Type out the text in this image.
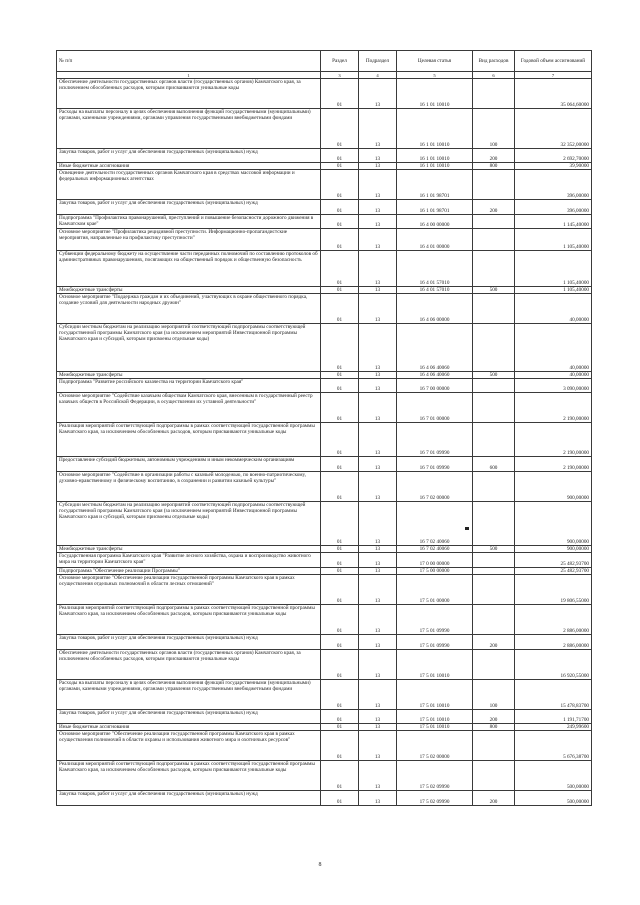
№ п/п	Раздел	Подраздел	Целевая статья	Вид расходов	Годовой объем ассигнований
1	3	4	5	6	7
Обеспечение деятельности государственных органов власти (государственных органов) Камчатского края, за исключением обособленных расходов, которым присваиваются уникальные коды	01	13	16 1 01 10010		35 064,60000
Расходы на выплаты персоналу в целях обеспечения выполнения функций государственными (муниципальными) органами, казенными учреждениями, органами управления государственными внебюджетными фондами	01	13	16 1 01 10010	100	32 352,00000
Закупка товаров, работ и услуг для обеспечения государственных (муниципальных) нужд	01	13	16 1 01 10010	200	2 692,70000
Иные бюджетные ассигнования	01	13	16 1 01 10010	800	39,90000
Освещение деятельности государственных органов Камчатского края в средствах массовой информации и федеральных информационных агентствах	01	13	16 1 01 98701		396,00000
Закупка товаров, работ и услуг для обеспечения государственных (муниципальных) нужд	01	13	16 1 01 98701	200	396,00000
Подпрограмма "Профилактика правонарушений, преступлений и повышение безопасности дорожного движения в Камчатском крае"	01	13	16 4 00 00000		1 145,40000
Основное мероприятие "Профилактика рецидивной преступности. Информационно-пропагандистские мероприятия, направленные на профилактику преступности"	01	13	16 4 01 00000		1 105,40000
Субвенции федеральному бюджету на осуществление части переданных полномочий по составлению протоколов об административных правонарушениях, посягающих на общественный порядок и общественную безопасность	01	13	16 4 01 57010		1 105,40000
Межбюджетные трансферты	01	13	16 4 01 57010	500	1 105,40000
Основное мероприятие "Поддержка граждан и их объединений, участвующих в охране общественного порядка, создание условий для деятельности народных дружин"	01	13	16 4 06 00000		40,00000
Субсидии местным бюджетам на реализацию мероприятий соответствующей подпрограммы соответствующей государственной программы Камчатского края (за исключением мероприятий Инвестиционной программы Камчатского края и субсидий, которым присвоены отдельные коды)	01	13	16 4 06 40060		40,00000
Межбюджетные трансферты	01	13	16 4 06 40060	500	40,00000
Подпрограмма "Развитие российского казачества на территории Камчатского края"	01	13	16 7 00 00000		3 090,00000
Основное мероприятие "Содействие казачьим обществам Камчатского края, внесенным в государственный реестр казачьих обществ в Российской Федерации, в осуществлении их уставной деятельности"	01	13	16 7 01 00000		2 190,00000
Реализация мероприятий соответствующей подпрограммы в рамках соответствующей государственной программы Камчатского края, за исключением обособленных расходов, которым присваиваются уникальные коды	01	13	16 7 01 09990		2 190,00000
Предоставление субсидий бюджетным, автономным учреждениям и иным некоммерческим организациям	01	13	16 7 01 09990	600	2 190,00000
Основное мероприятие "Содействие в организации работы с казачьей молодежью, по военно-патриотическому, духовно-нравственному и физическому воспитанию, в сохранении и развитии казачьей культуры"	01	13	16 7 02 00000		900,00000
Субсидии местным бюджетам на реализацию мероприятий соответствующей подпрограммы соответствующей государственной программы Камчатского края (за исключением мероприятий Инвестиционной программы Камчатского края и субсидий, которым присвоены отдельные коды)	01	13	16 7 02 40060		900,00000
Межбюджетные трансферты	01	13	16 7 02 40060	500	900,00000
Государственная программа Камчатского края "Развитие лесного хозяйства, охрана и воспроизводство животного мира на территории Камчатского края"	01	13	17 0 00 00000		25 482,93700
Подпрограмма "Обеспечение реализации Программы"	01	13	17 5 00 00000		25 482,93700
Основное мероприятие "Обеспечение реализации государственной программы Камчатского края в рамках осуществления отдельных полномочий в области лесных отношений"	01	13	17 5 01 00000		19 806,55000
Реализация мероприятий соответствующей подпрограммы в рамках соответствующей государственной программы Камчатского края, за исключением обособленных расходов, которым присваиваются уникальные коды	01	13	17 5 01 09990		2 886,00000
Закупка товаров, работ и услуг для обеспечения государственных (муниципальных) нужд	01	13	17 5 01 09990	200	2 886,00000
Обеспечение деятельности государственных органов власти (государственных органов) Камчатского края, за исключением обособленных расходов, которым присваиваются уникальные коды	01	13	17 5 01 10010		16 920,55000
Расходы на выплаты персоналу в целях обеспечения выполнения функций государственными (муниципальными) органами, казенными учреждениями, органами управления государственными внебюджетными фондами	01	13	17 5 01 10010	100	15 478,83700
Закупка товаров, работ и услуг для обеспечения государственных (муниципальных) нужд	01	13	17 5 01 10010	200	1 191,71700
Иные бюджетные ассигнования	01	13	17 5 01 10010	800	249,99600
Основное мероприятие "Обеспечение реализации государственной программы Камчатского края в рамках осуществления полномочий в области охраны и использования животного мира и охотничьих ресурсов"	01	13	17 5 02 00000		5 676,38700
Реализация мероприятий соответствующей подпрограммы в рамках соответствующей государственной программы Камчатского края, за исключением обособленных расходов, которым присваиваются уникальные коды	01	13	17 5 02 09990		500,00000
Закупка товаров, работ и услуг для обеспечения государственных (муниципальных) нужд	01	13	17 5 02 09990	200	500,00000
8
